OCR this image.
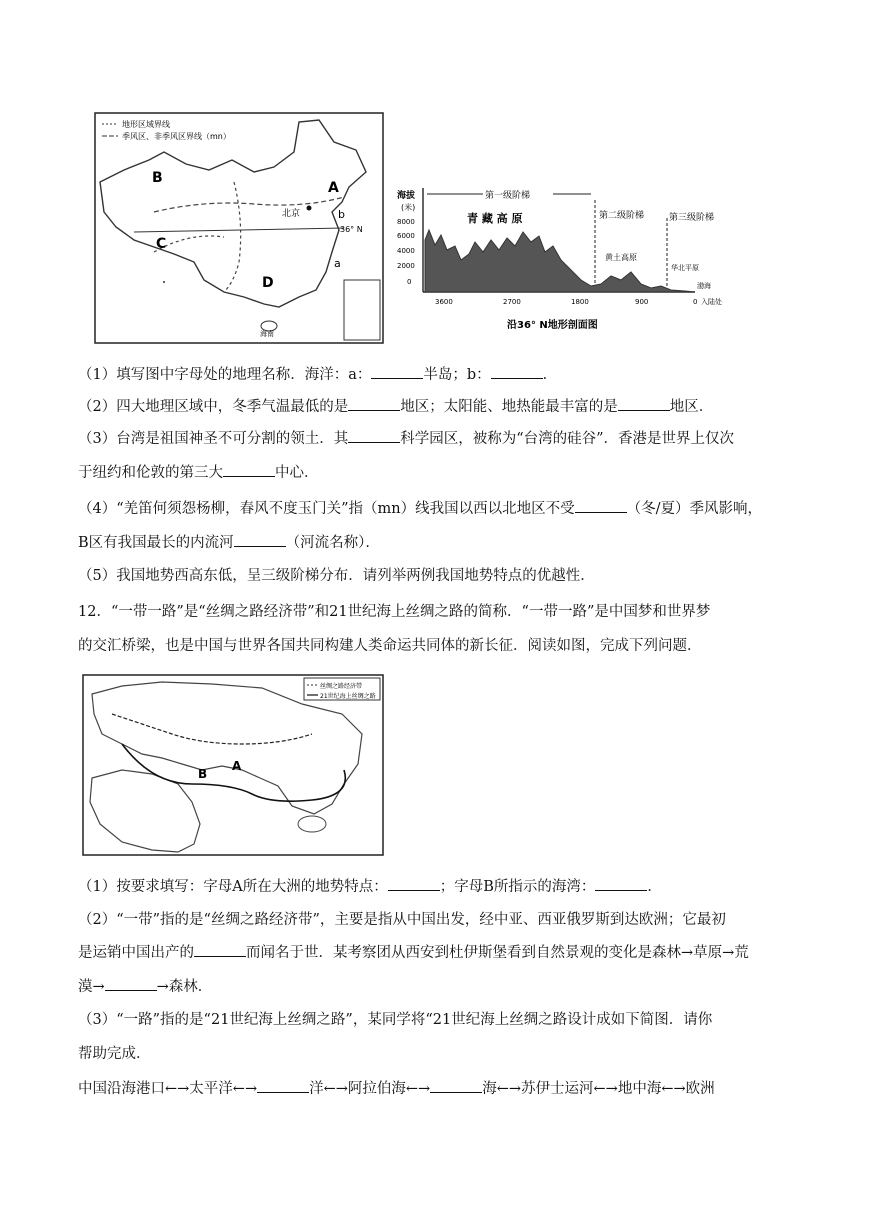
地形区域界线
季风区、非季风区界线（mn）
B
C
D
A
b
a
北京
36° N
海南
海拔
(米)
8000
6000
4000
2000
0
第一级阶梯
第二级阶梯	第三级阶梯
青 藏 高 原
黄土高原
华北平原
渤海
3600	2700	1800	900	0 入陆处
沿36° N地形剖面图
（1）填写图中字母处的地理名称．海洋：a：	半岛；b：	．
（2）四大地理区域中，冬季气温最低的是	地区；太阳能、地热能最丰富的是	地区．
（3）台湾是祖国神圣不可分割的领土．其	科学园区，被称为“台湾的硅谷”．香港是世界上仅次
于纽约和伦敦的第三大	中心．
（4）“羌笛何须怨杨柳，春风不度玉门关”指（mn）线我国以西以北地区不受	（冬/夏）季风影响，
B区有我国最长的内流河	（河流名称）．
（5）我国地势西高东低，呈三级阶梯分布．请列举两例我国地势特点的优越性．
12．“一带一路”是“丝绸之路经济带”和21世纪海上丝绸之路的简称．“一带一路”是中国梦和世界梦
的交汇桥梁，也是中国与世界各国共同构建人类命运共同体的新长征．阅读如图，完成下列问题．
丝绸之路经济带
21世纪海上丝绸之路
B
A
（1）按要求填写：字母A所在大洲的地势特点：	；字母B所指示的海湾：	．
（2）“一带”指的是“丝绸之路经济带”，主要是指从中国出发，经中亚、西亚俄罗斯到达欧洲；它最初
是运销中国出产的	而闻名于世．某考察团从西安到杜伊斯堡看到自然景观的变化是森林→草原→荒
漠→	→森林．
（3）“一路”指的是“21世纪海上丝绸之路”，某同学将“21世纪海上丝绸之路设计成如下简图．请你
帮助完成．
中国沿海港口←→太平洋←→	洋←→阿拉伯海←→	海←→苏伊士运河←→地中海←→欧洲
